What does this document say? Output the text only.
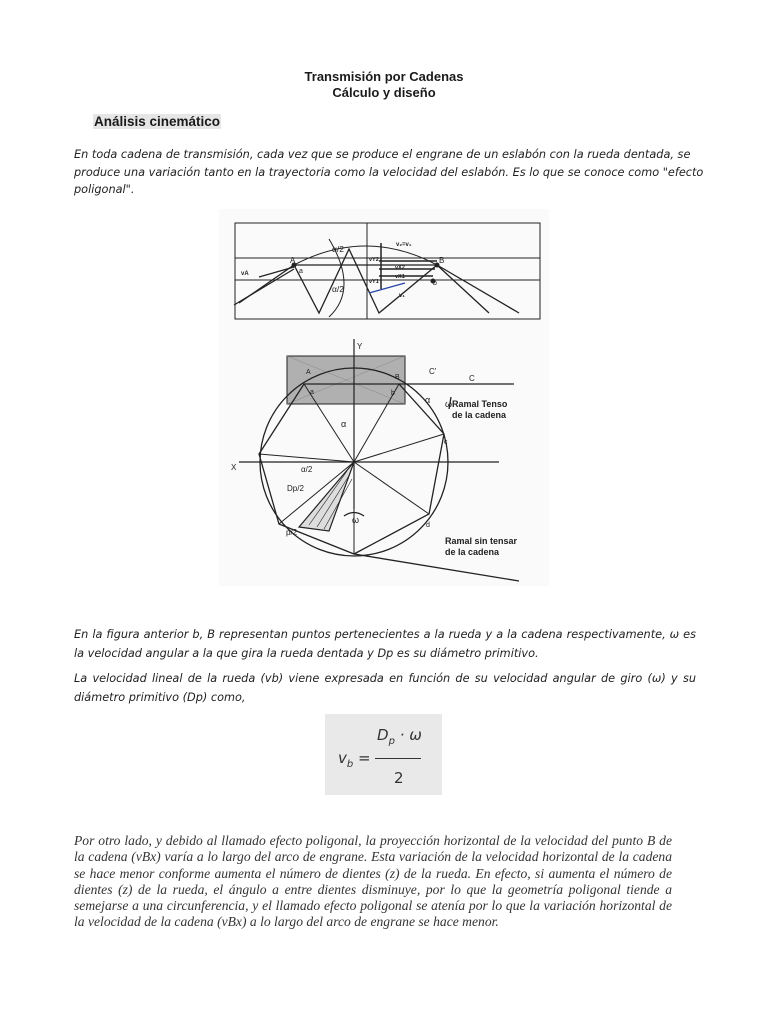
Transmisión por Cadenas
Cálculo y diseño
Análisis cinemático

En toda cadena de transmisión, cada vez que se produce el engrane de un eslabón con la rueda dentada, se produce una variación tanto en la trayectoria como la velocidad del eslabón. Es lo que se conoce como "efecto poligonal".

α/2
α/2
v₂=v₁
vY2
vX2
vX1
vY1
v₁
vA
A
a
B
b
Y
X
A
B
a	b
C
C'
c
d
α
α ω
ω
α/2
Dp/2
p/2
Ramal Tenso
de la cadena
Ramal sin tensar
de la cadena

En la figura anterior b, B representan puntos pertenecientes a la rueda y a la cadena respectivamente, ω es la velocidad angular a la que gira la rueda dentada y Dp es su diámetro primitivo.

La velocidad lineal de la rueda (vb) viene expresada en función de su velocidad angular de giro (ω) y su diámetro primitivo (Dp) como,

$D_p \cdot \omega$
$v_b$ =
2

Por otro lado, y debido al llamado efecto poligonal, la proyección horizontal de la velocidad del punto B de la cadena (vBx) varía a lo largo del arco de engrane. Esta variación de la velocidad horizontal de la cadena se hace menor conforme aumenta el número de dientes (z) de la rueda. En efecto, si aumenta el número de dientes (z) de la rueda, el ángulo a entre dientes disminuye, por lo que la geometría poligonal tiende a semejarse a una circunferencia, y el llamado efecto poligonal se atenía por lo que la variación horizontal de la velocidad de la cadena (vBx) a lo largo del arco de engrane se hace menor.
